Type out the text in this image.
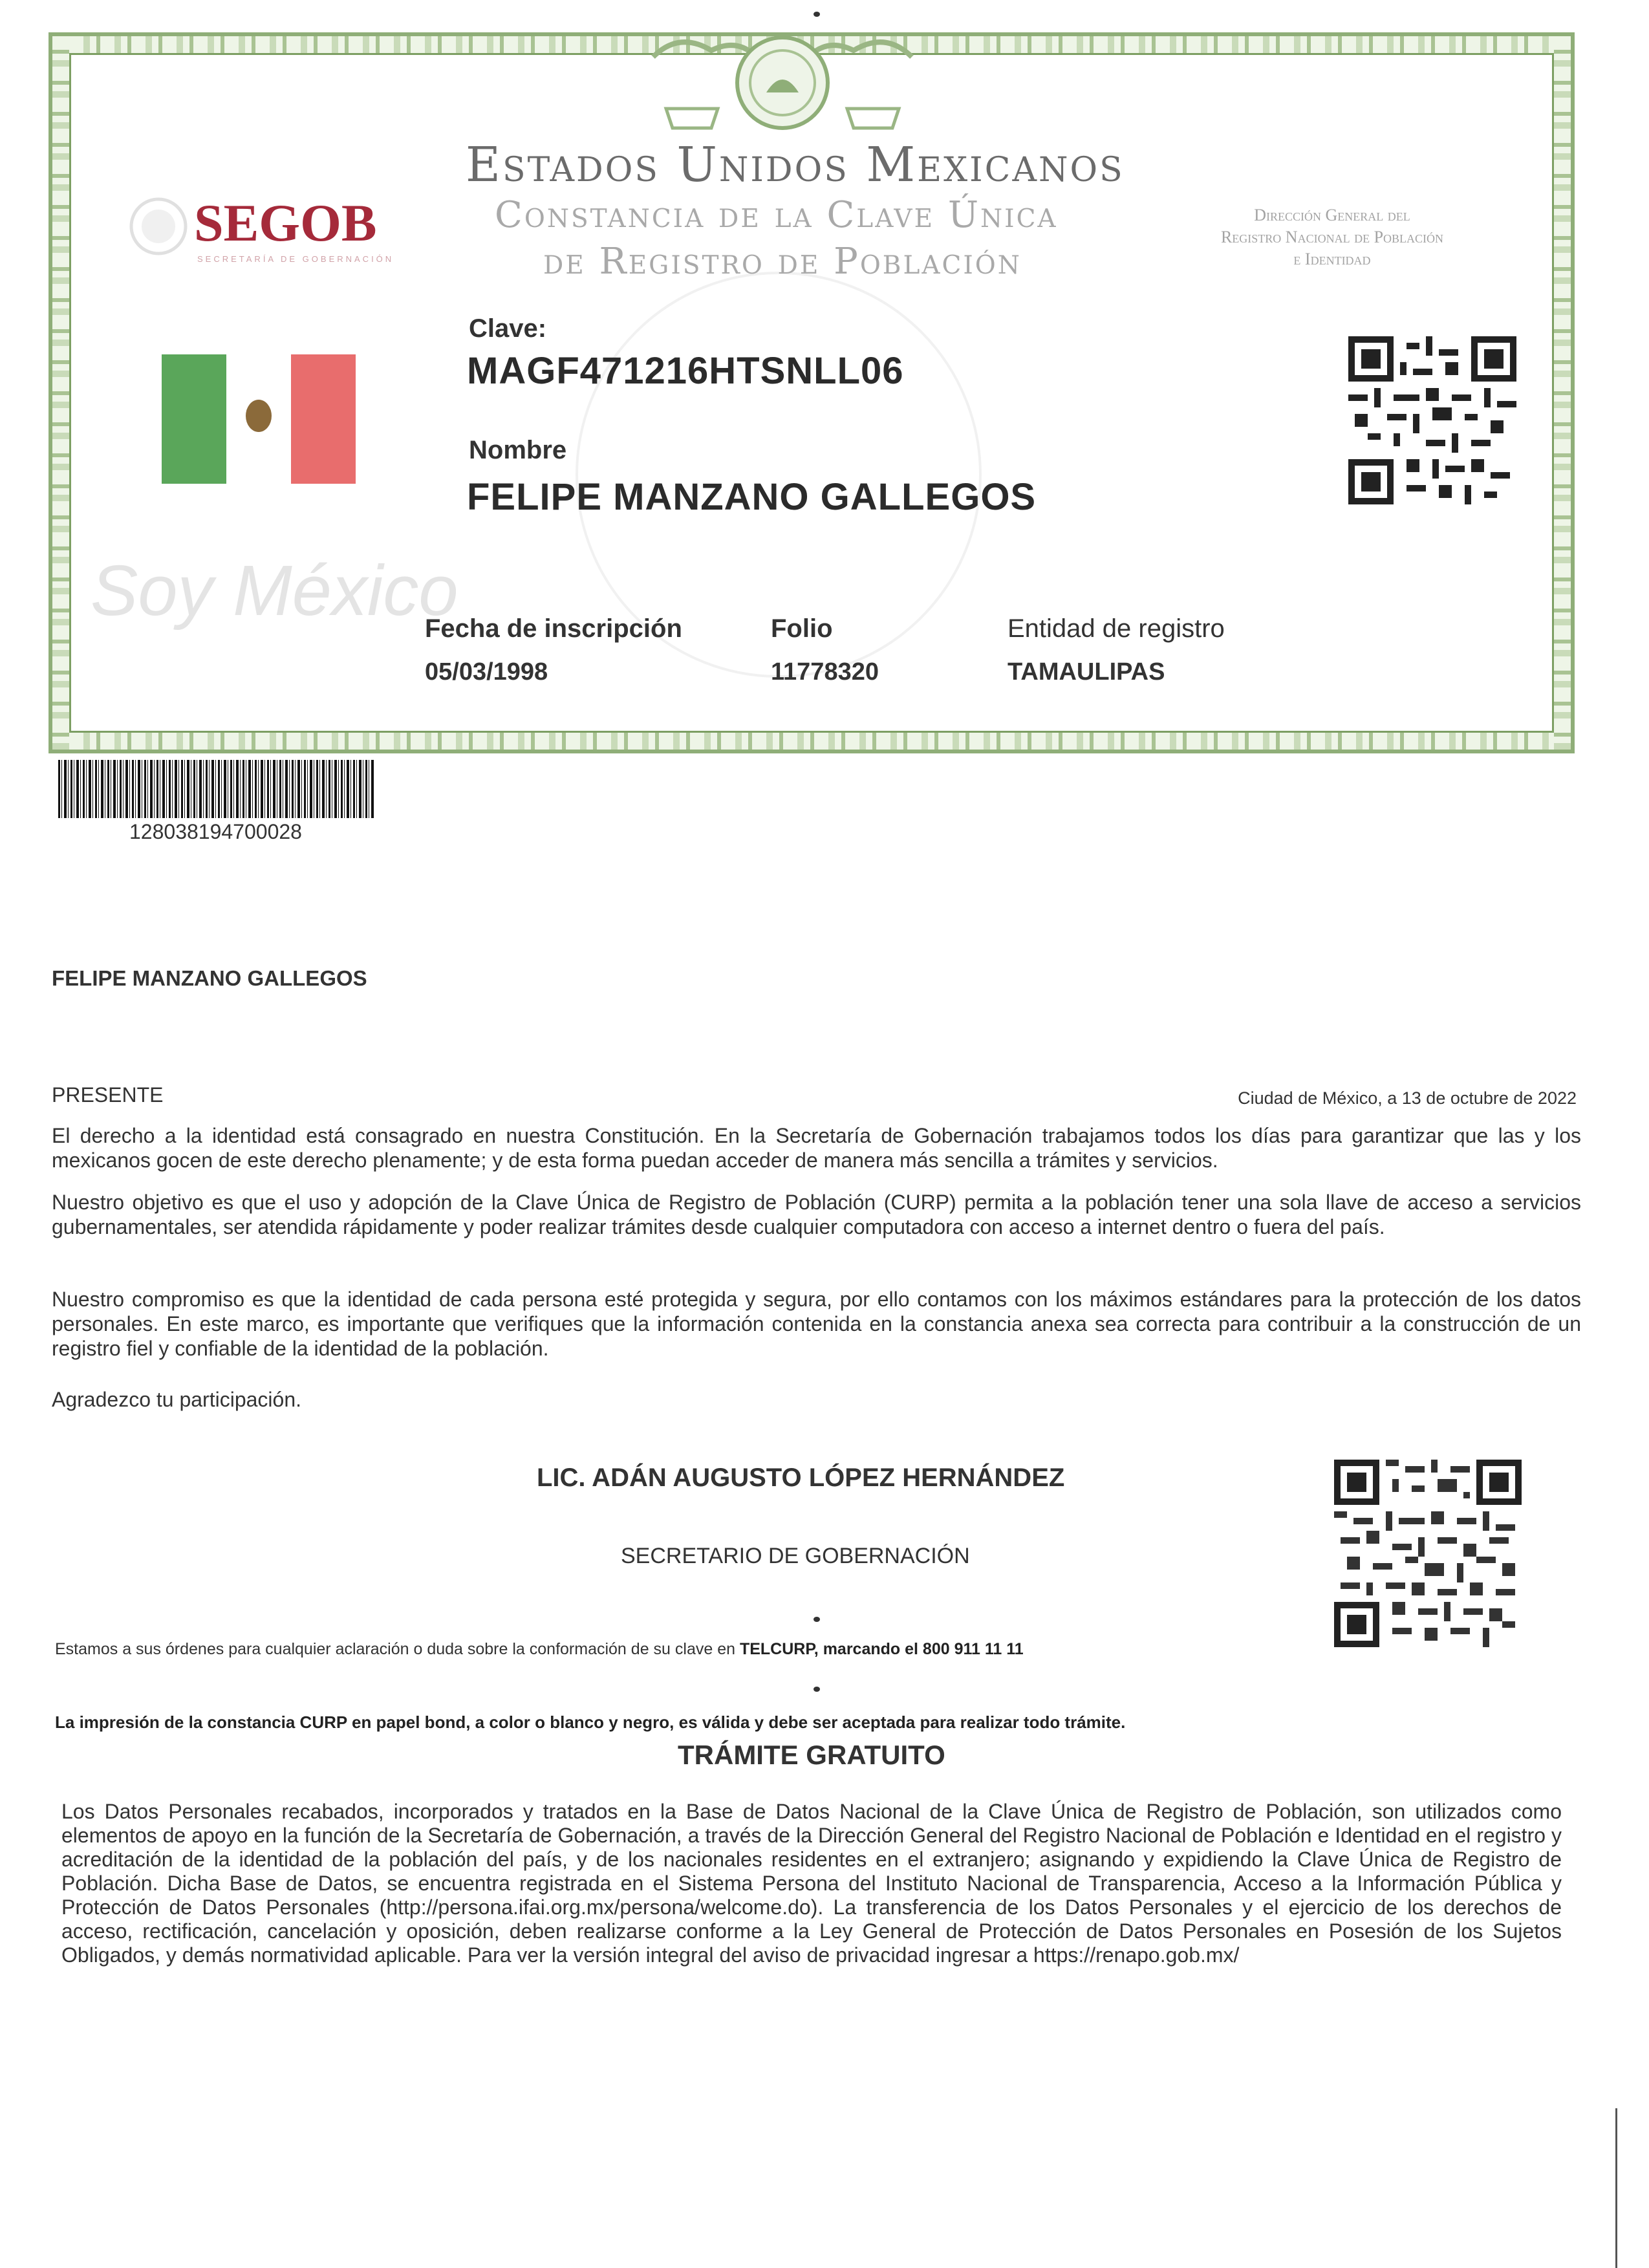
SEGOB
SECRETARÍA DE GOBERNACIÓN
Estados Unidos Mexicanos
Constancia de la Clave Única
de Registro de Población
Dirección General del
Registro Nacional de Población
e Identidad
Clave:
MAGF471216HTSNLL06
Nombre
FELIPE MANZANO GALLEGOS
Soy México
Fecha de inscripción
05/03/1998
Folio
11778320
Entidad de registro
TAMAULIPAS
128038194700028
FELIPE MANZANO GALLEGOS
PRESENTE	Ciudad de México, a 13 de octubre de 2022
El derecho a la identidad está consagrado en nuestra Constitución. En la Secretaría de Gobernación trabajamos todos los días para garantizar que las y los mexicanos gocen de este derecho plenamente; y de esta forma puedan acceder de manera más sencilla a trámites y servicios.
Nuestro objetivo es que el uso y adopción de la Clave Única de Registro de Población (CURP) permita a la población tener una sola llave de acceso a servicios gubernamentales, ser atendida rápidamente y poder realizar trámites desde cualquier computadora con acceso a internet dentro o fuera del país.
Nuestro compromiso es que la identidad de cada persona esté protegida y segura, por ello contamos con los máximos estándares para la protección de los datos personales. En este marco, es importante que verifiques que la información contenida en la constancia anexa sea correcta para contribuir a la construcción de un registro fiel y confiable de la identidad de la población.
Agradezco tu participación.
LIC. ADÁN AUGUSTO LÓPEZ HERNÁNDEZ
SECRETARIO DE GOBERNACIÓN
Estamos a sus órdenes para cualquier aclaración o duda sobre la conformación de su clave en TELCURP, marcando el 800 911 11 11
La impresión de la constancia CURP en papel bond, a color o blanco y negro, es válida y debe ser aceptada para realizar todo trámite.
TRÁMITE GRATUITO
Los Datos Personales recabados, incorporados y tratados en la Base de Datos Nacional de la Clave Única de Registro de Población, son utilizados como elementos de apoyo en la función de la Secretaría de Gobernación, a través de la Dirección General del Registro Nacional de Población e Identidad en el registro y acreditación de la identidad de la población del país, y de los nacionales residentes en el extranjero; asignando y expidiendo la Clave Única de Registro de Población. Dicha Base de Datos, se encuentra registrada en el Sistema Persona del Instituto Nacional de Transparencia, Acceso a la Información Pública y Protección de Datos Personales (http://persona.ifai.org.mx/persona/welcome.do). La transferencia de los Datos Personales y el ejercicio de los derechos de acceso, rectificación, cancelación y oposición, deben realizarse conforme a la Ley General de Protección de Datos Personales en Posesión de los Sujetos Obligados, y demás normatividad aplicable. Para ver la versión integral del aviso de privacidad ingresar a https://renapo.gob.mx/
